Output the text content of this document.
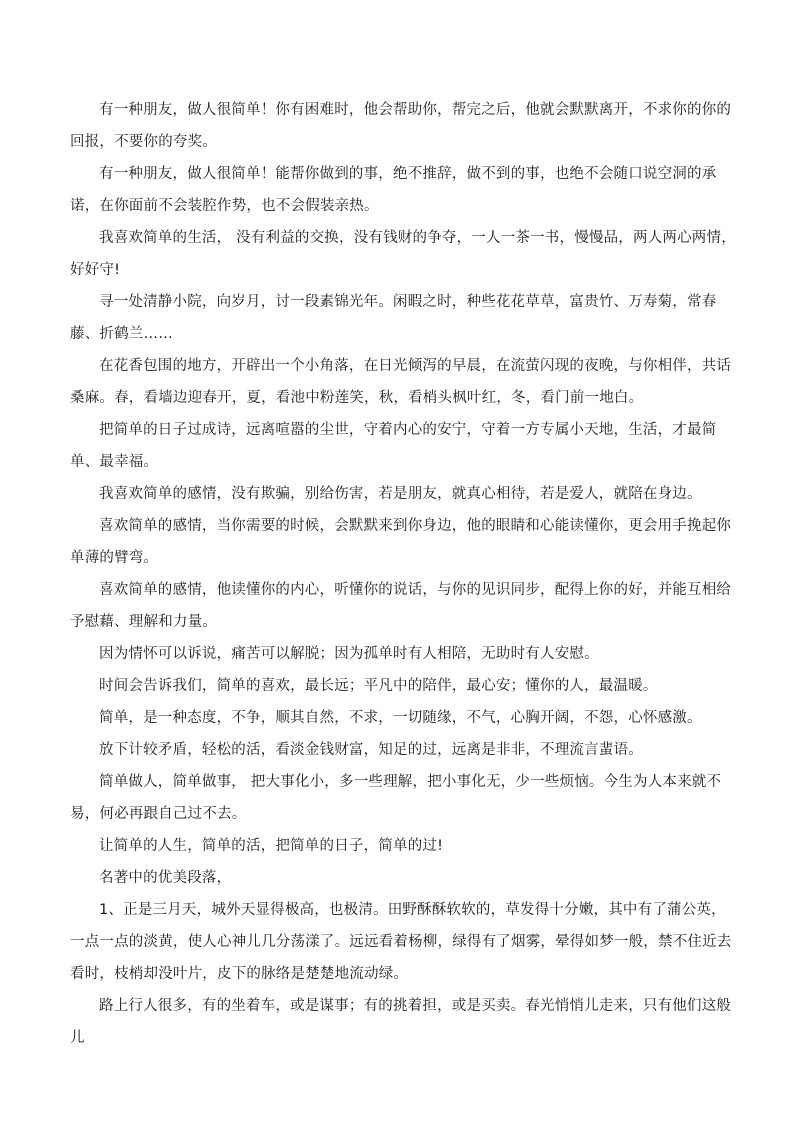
有一种朋友，做人很简单！你有困难时，他会帮助你，帮完之后，他就会默默离开，不求你的你的回报，不要你的夸奖。

有一种朋友，做人很简单！能帮你做到的事，绝不推辞，做不到的事，也绝不会随口说空洞的承诺，在你面前不会装腔作势，也不会假装亲热。

我喜欢简单的生活， 没有利益的交换，没有钱财的争夺，一人一茶一书，慢慢品，两人两心两情，好好守!

寻一处清静小院，向岁月，讨一段素锦光年。闲暇之时，种些花花草草，富贵竹、万寿菊，常春藤、折鹤兰……

在花香包围的地方，开辟出一个小角落，在日光倾泻的早晨，在流萤闪现的夜晚，与你相伴，共话桑麻。春，看墙边迎春开，夏，看池中粉莲笑，秋，看梢头枫叶红，冬，看门前一地白。

把简单的日子过成诗，远离喧嚣的尘世，守着内心的安宁，守着一方专属小天地，生活，才最简单、最幸福。

我喜欢简单的感情，没有欺骗，别给伤害，若是朋友，就真心相待，若是爱人，就陪在身边。

喜欢简单的感情，当你需要的时候，会默默来到你身边，他的眼睛和心能读懂你，更会用手挽起你单薄的臂弯。

喜欢简单的感情，他读懂你的内心，听懂你的说话，与你的见识同步，配得上你的好，并能互相给予慰藉、理解和力量。

因为情怀可以诉说，痛苦可以解脱；因为孤单时有人相陪，无助时有人安慰。

时间会告诉我们，简单的喜欢，最长远；平凡中的陪伴，最心安；懂你的人，最温暖。

简单，是一种态度，不争，顺其自然，不求，一切随缘，不气，心胸开阔，不怨，心怀感激。

放下计较矛盾，轻松的活，看淡金钱财富，知足的过，远离是非非，不理流言蜚语。

简单做人，简单做事， 把大事化小，多一些理解，把小事化无，少一些烦恼。今生为人本来就不易，何必再跟自己过不去。

让简单的人生，简单的活，把简单的日子，简单的过!

名著中的优美段落，

1、正是三月天，城外天显得极高，也极清。田野酥酥软软的，草发得十分嫩，其中有了蒲公英，一点一点的淡黄，使人心神儿几分荡漾了。远远看着杨柳，绿得有了烟雾，晕得如梦一般，禁不住近去看时，枝梢却没叶片，皮下的脉络是楚楚地流动绿。

路上行人很多，有的坐着车，或是谋事；有的挑着担，或是买卖。春光悄悄儿走来，只有他们这般儿
